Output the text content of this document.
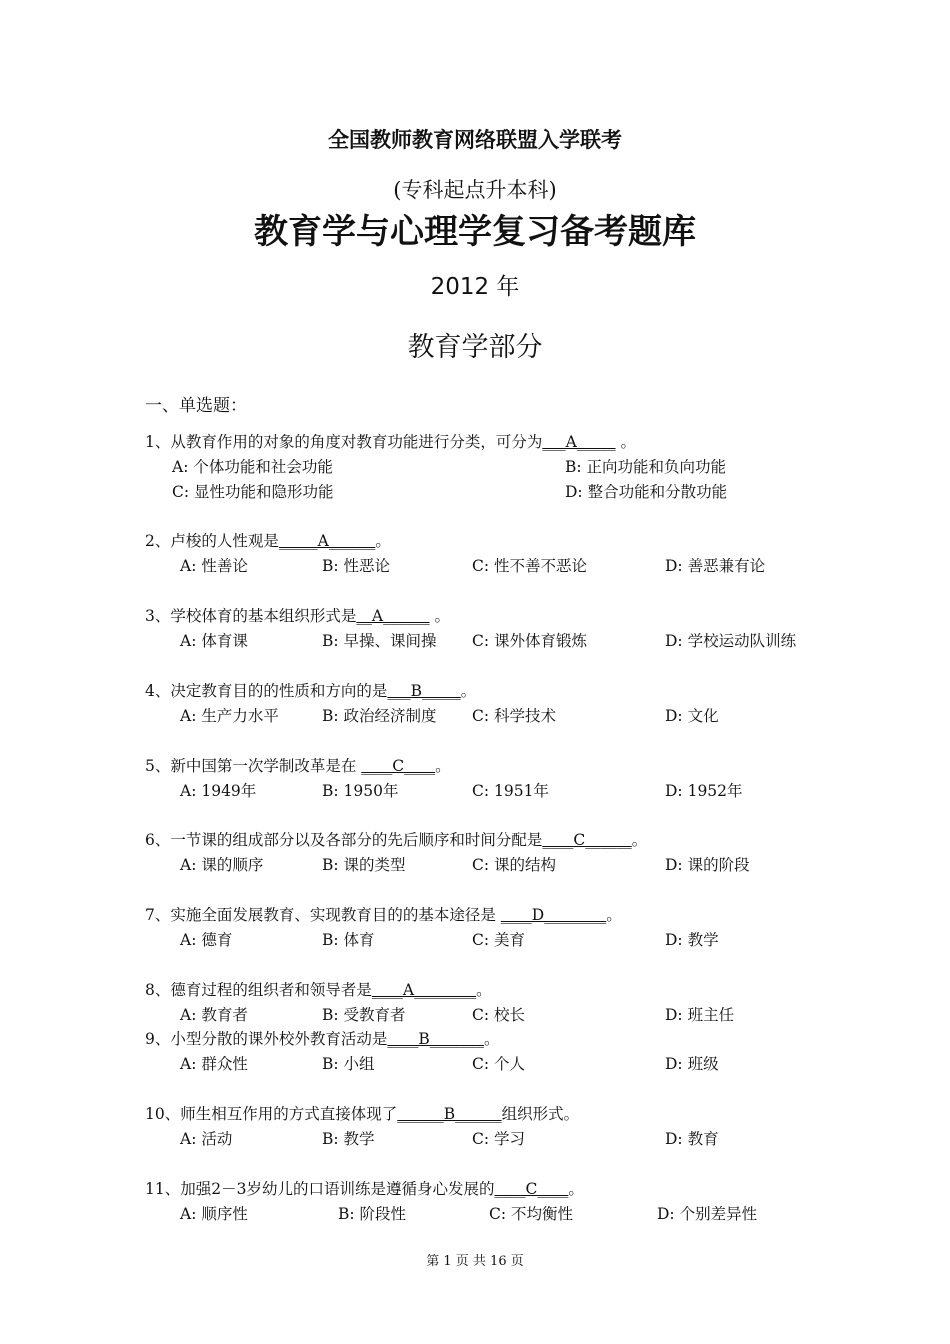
全国教师教育网络联盟入学联考
(专科起点升本科)
教育学与心理学复习备考题库
2012 年
教育学部分
一、单选题：
1、从教育作用的对象的角度对教育功能进行分类，可分为___A_____ 。
A: 个体功能和社会功能	B: 正向功能和负向功能
C: 显性功能和隐形功能	D: 整合功能和分散功能
2、卢梭的人性观是_____A______。
A: 性善论	B: 性恶论	C: 性不善不恶论	D: 善恶兼有论
3、学校体育的基本组织形式是__A______ 。
A: 体育课	B: 早操、课间操 C: 课外体育锻炼	D: 学校运动队训练
4、决定教育目的的性质和方向的是___B_____。
A: 生产力水平	B: 政治经济制度 C: 科学技术	D: 文化
5、新中国第一次学制改革是在 ____C____。
A: 1949年	B: 1950年	C: 1951年	D: 1952年
6、一节课的组成部分以及各部分的先后顺序和时间分配是____C______。
A: 课的顺序	B: 课的类型	C: 课的结构	D: 课的阶段
7、实施全面发展教育、实现教育目的的基本途径是 ____D________。
A: 德育	B: 体育	C: 美育	D: 教学
8、德育过程的组织者和领导者是____A________。
A: 教育者	B: 受教育者	C: 校长	D: 班主任
9、小型分散的课外校外教育活动是____B_______。
A: 群众性	B: 小组	C: 个人	D: 班级
10、师生相互作用的方式直接体现了______B______组织形式。
A: 活动	B: 教学	C: 学习	D: 教育
11、加强2－3岁幼儿的口语训练是遵循身心发展的____C____。
A: 顺序性	B: 阶段性	C: 不均衡性	D: 个别差异性
第 1 页 共 16 页
